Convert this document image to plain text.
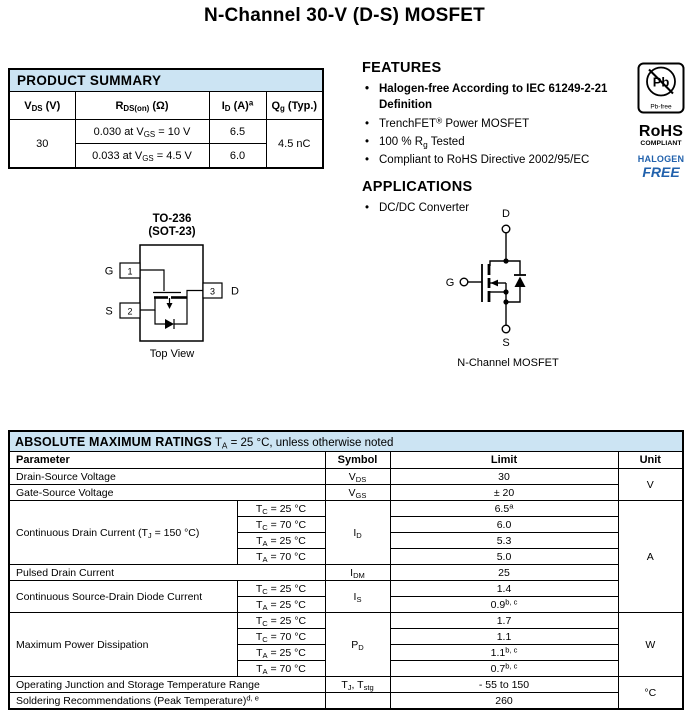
N-Channel 30-V (D-S) MOSFET
PRODUCT SUMMARY			
$V_{DS}$ (V)	$R_{DS(on)}$ (Ω)	$I_D$ $(A)^a$	$Q_g$ (Typ.)
30	0.030 at $V_{GS} = 10$ V	6.5	4.5 nC
	0.033 at $V_{GS} = 4.5$ V	6.0	
FEATURES
• Halogen-free According to IEC 61249-2-21 Definition
• TrenchFET® Power MOSFET
• 100 % $R_g$ Tested
• Compliant to RoHS Directive 2002/95/EC
APPLICATIONS
• DC/DC Converter
Pb
Pb-free
RoHS
COMPLIANT
HALOGEN
FREE
TO-236
(SOT-23)
1
G
2
S
3 D
Top View
D
G
S
N-Channel MOSFET
ABSOLUTE MAXIMUM RATINGS $T_A = 25$ °C, unless otherwise noted				
Parameter		Symbol	Limit	Unit
Drain-Source Voltage		$V_{DS}$	30	V
Gate-Source Voltage		$V_{GS}$	± 20	
Continuous Drain Current ($T_J = 150$ °C)	$T_C = 25$ °C	$I_D$	6.5$^a$	A
	$T_C = 70$ °C		6.0	
	$T_A = 25$ °C		5.3	
	$T_A = 70$ °C		5.0	
Pulsed Drain Current		$I_{DM}$	25	
Continuous Source-Drain Diode Current	$T_C = 25$ °C	$I_S$	1.4	
	$T_A = 25$ °C		0.9$^{b, c}$
Maximum Power Dissipation	$T_C = 25$ °C	$P_D$	1.7	W
	$T_C = 70$ °C		1.1	
	$T_A = 25$ °C		1.1$^{b, c}$
	$T_A = 70$ °C		0.7$^{b, c}$
Operating Junction and Storage Temperature Range		$T_J$, $T_{stg}$	- 55 to 150	°C
Soldering Recommendations (Peak Temperature)$^{d, e}$			260	
